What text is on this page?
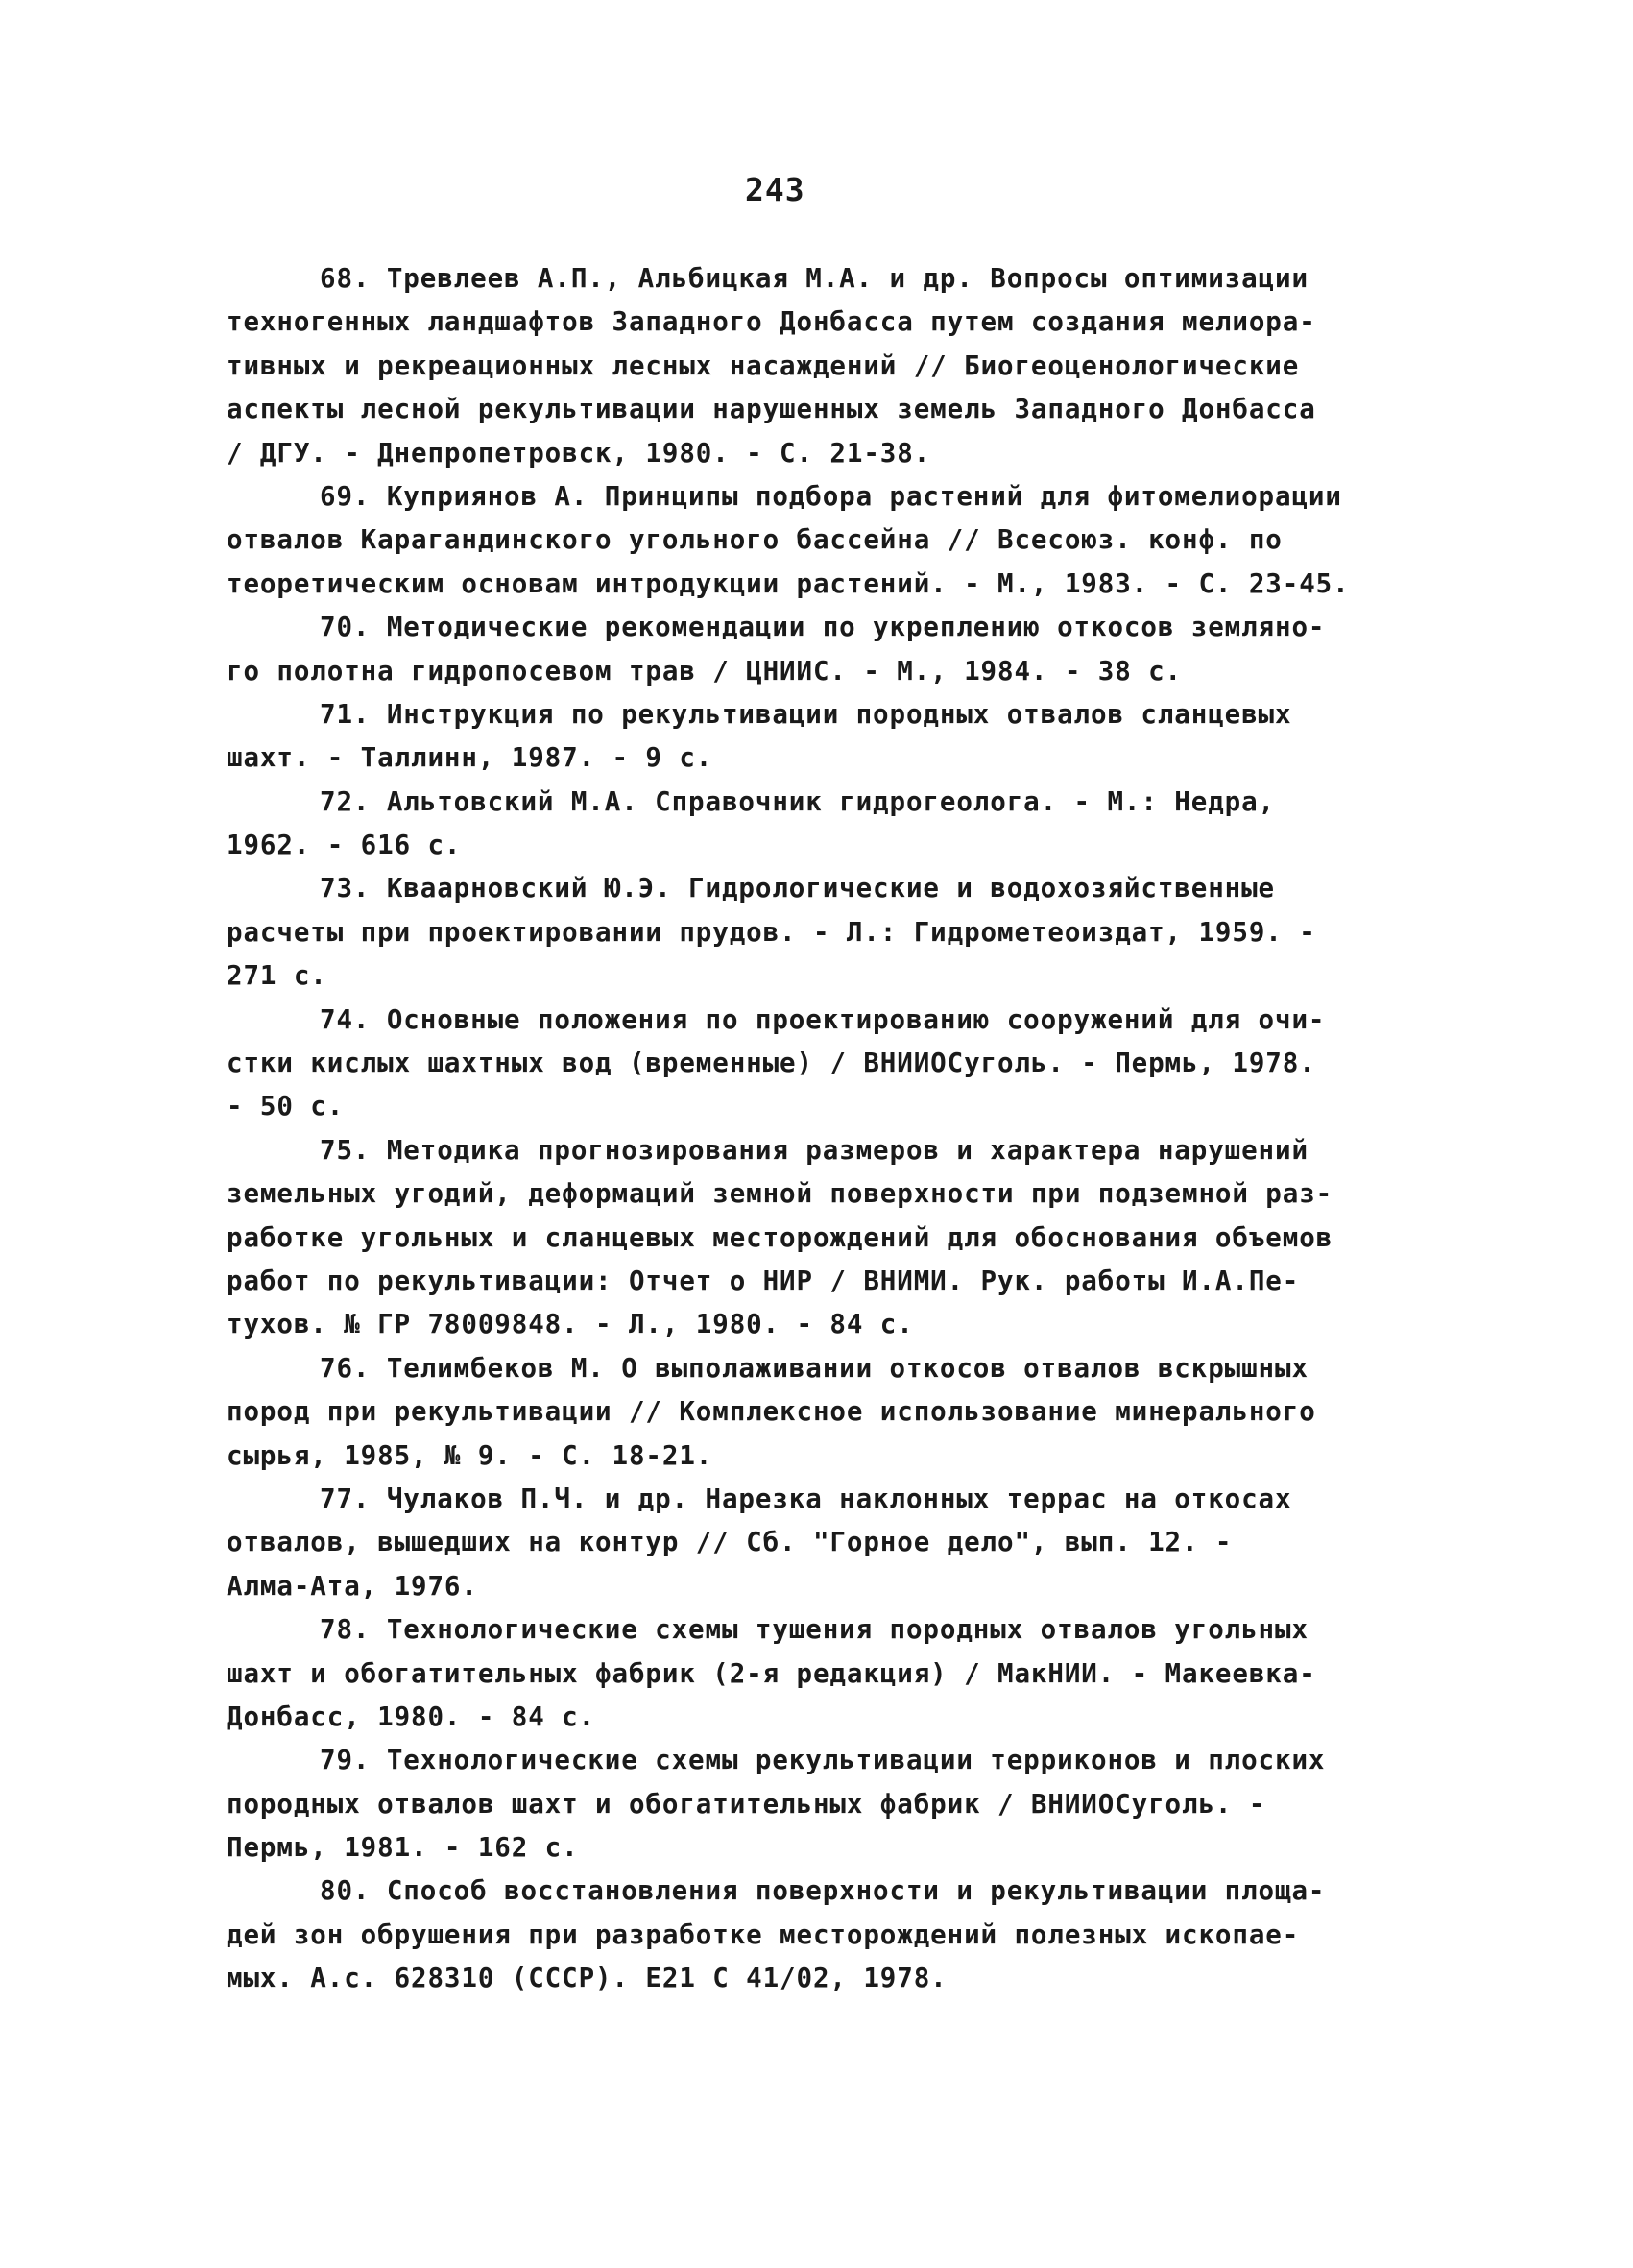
243
68. Тревлеев А.П., Альбицкая М.А. и др. Вопросы оптимизации
техногенных ландшафтов Западного Донбасса путем создания мелиора-
тивных и рекреационных лесных насаждений // Биогеоценологические
аспекты лесной рекультивации нарушенных земель Западного Донбасса
/ ДГУ. - Днепропетровск, 1980. - С. 21-38.
69. Куприянов А. Принципы подбора растений для фитомелиорации
отвалов Карагандинского угольного бассейна // Всесоюз. конф. по
теоретическим основам интродукции растений. - М., 1983. - С. 23-45.
70. Методические рекомендации по укреплению откосов земляно-
го полотна гидропосевом трав / ЦНИИС. - М., 1984. - 38 с.
71. Инструкция по рекультивации породных отвалов сланцевых
шахт. - Таллинн, 1987. - 9 с.
72. Альтовский М.А. Справочник гидрогеолога. - М.: Недра,
1962. - 616 с.
73. Кваарновский Ю.Э. Гидрологические и водохозяйственные
расчеты при проектировании прудов. - Л.: Гидрометеоиздат, 1959. -
271 с.
74. Основные положения по проектированию сооружений для очи-
стки кислых шахтных вод (временные) / ВНИИОСуголь. - Пермь, 1978.
- 50 с.
75. Методика прогнозирования размеров и характера нарушений
земельных угодий, деформаций земной поверхности при подземной раз-
работке угольных и сланцевых месторождений для обоснования объемов
работ по рекультивации: Отчет о НИР / ВНИМИ. Рук. работы И.А.Пе-
тухов. № ГР 78009848. - Л., 1980. - 84 с.
76. Телимбеков М. О выполаживании откосов отвалов вскрышных
пород при рекультивации // Комплексное использование минерального
сырья, 1985, № 9. - С. 18-21.
77. Чулаков П.Ч. и др. Нарезка наклонных террас на откосах
отвалов, вышедших на контур // Сб. "Горное дело", вып. 12. -
Алма-Ата, 1976.
78. Технологические схемы тушения породных отвалов угольных
шахт и обогатительных фабрик (2-я редакция) / МакНИИ. - Макеевка-
Донбасс, 1980. - 84 с.
79. Технологические схемы рекультивации терриконов и плоских
породных отвалов шахт и обогатительных фабрик / ВНИИОСуголь. -
Пермь, 1981. - 162 с.
80. Способ восстановления поверхности и рекультивации площа-
дей зон обрушения при разработке месторождений полезных ископае-
мых. А.с. 628310 (СССР). Е21 С 41/02, 1978.
